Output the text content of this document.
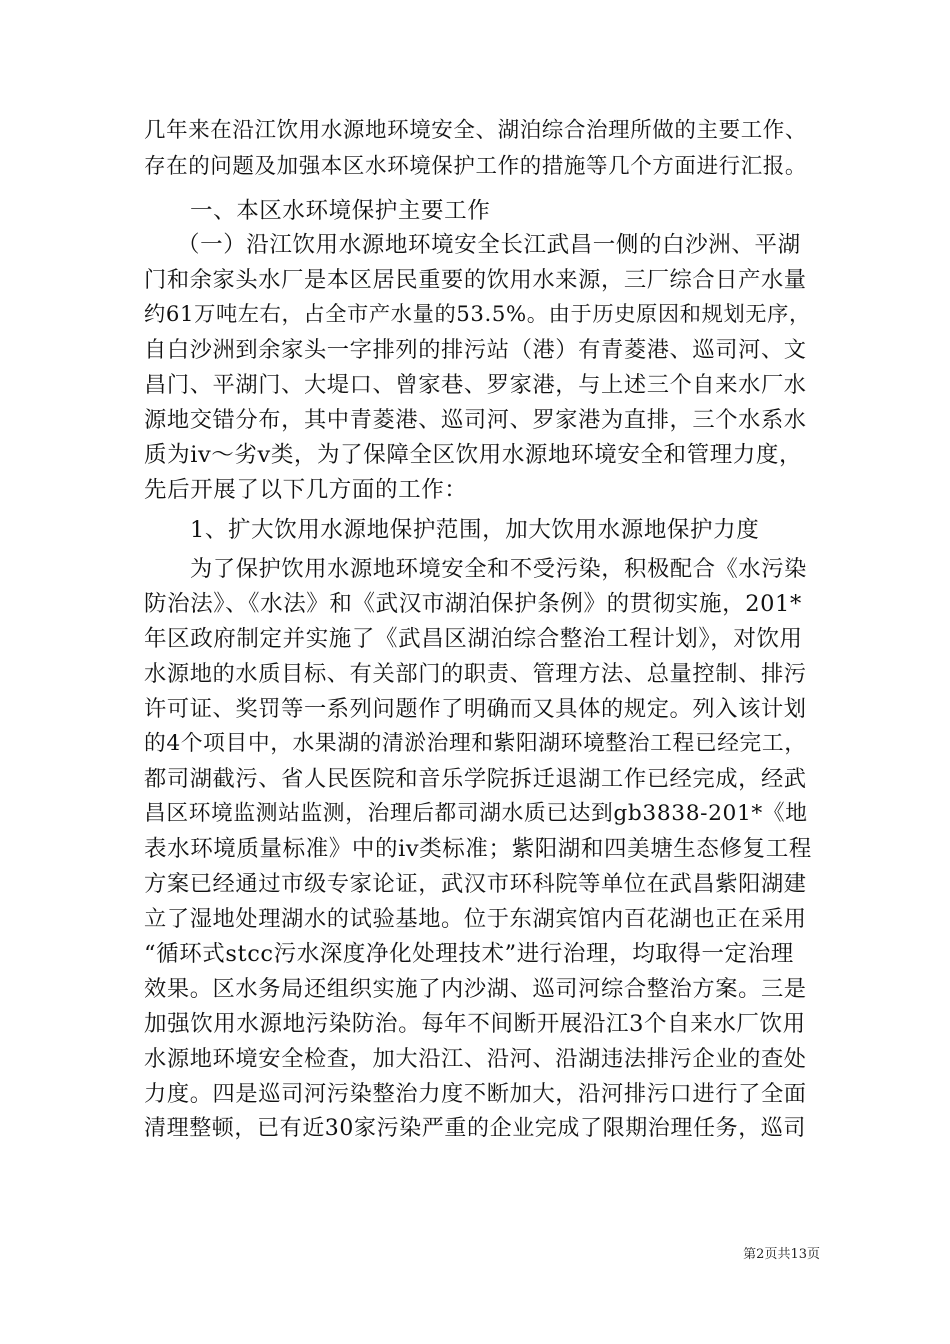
几年来在沿江饮用水源地环境安全、湖泊综合治理所做的主要工作、
存在的问题及加强本区水环境保护工作的措施等几个方面进行汇报。
一、本区水环境保护主要工作
（一）沿江饮用水源地环境安全长江武昌一侧的白沙洲、平湖
门和余家头水厂是本区居民重要的饮用水来源，三厂综合日产水量
约61万吨左右，占全市产水量的53.5%。由于历史原因和规划无序，
自白沙洲到余家头一字排列的排污站（港）有青菱港、巡司河、文
昌门、平湖门、大堤口、曾家巷、罗家港，与上述三个自来水厂水
源地交错分布，其中青菱港、巡司河、罗家港为直排，三个水系水
质为iv～劣v类，为了保障全区饮用水源地环境安全和管理力度，
先后开展了以下几方面的工作：
1、扩大饮用水源地保护范围，加大饮用水源地保护力度
为了保护饮用水源地环境安全和不受污染，积极配合《水污染
防治法》、《水法》和《武汉市湖泊保护条例》的贯彻实施，201*
年区政府制定并实施了《武昌区湖泊综合整治工程计划》，对饮用
水源地的水质目标、有关部门的职责、管理方法、总量控制、排污
许可证、奖罚等一系列问题作了明确而又具体的规定。列入该计划
的4个项目中，水果湖的清淤治理和紫阳湖环境整治工程已经完工，
都司湖截污、省人民医院和音乐学院拆迁退湖工作已经完成，经武
昌区环境监测站监测，治理后都司湖水质已达到gb3838-201*《地
表水环境质量标准》中的iv类标准；紫阳湖和四美塘生态修复工程
方案已经通过市级专家论证，武汉市环科院等单位在武昌紫阳湖建
立了湿地处理湖水的试验基地。位于东湖宾馆内百花湖也正在采用
“循环式stcc污水深度净化处理技术”进行治理，均取得一定治理
效果。区水务局还组织实施了内沙湖、巡司河综合整治方案。三是
加强饮用水源地污染防治。每年不间断开展沿江3个自来水厂饮用
水源地环境安全检查，加大沿江、沿河、沿湖违法排污企业的查处
力度。四是巡司河污染整治力度不断加大，沿河排污口进行了全面
清理整顿，已有近30家污染严重的企业完成了限期治理任务，巡司
第2页共13页
